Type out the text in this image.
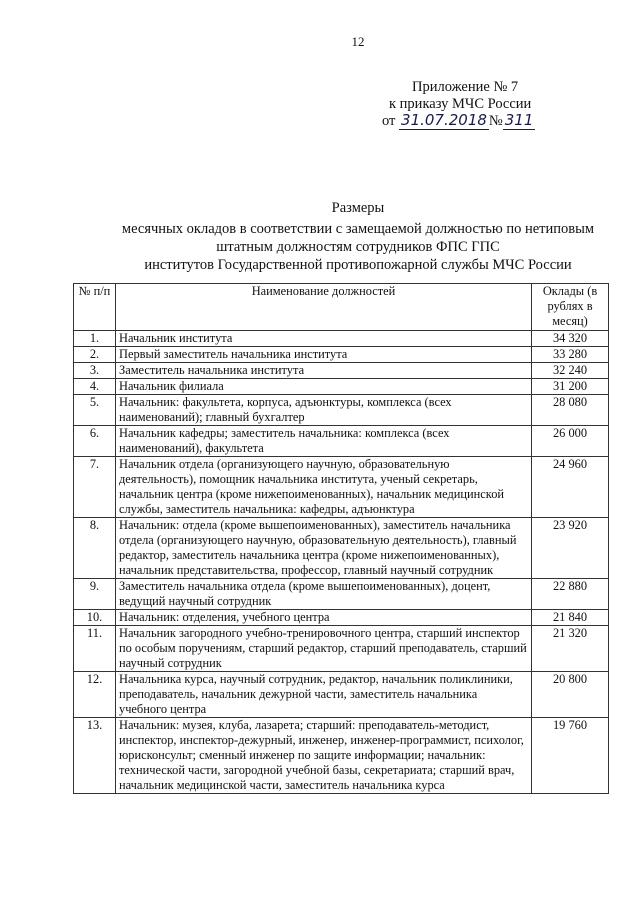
12
Приложение № 7
к приказу МЧС России
от 31.07.2018 № 311
Размеры
месячных окладов в соответствии с замещаемой должностью по нетиповым
штатным должностям сотрудников ФПС ГПС
институтов Государственной противопожарной службы МЧС России
№ п/п	Наименование должностей	Оклады (в рублях в месяц)
1.	Начальник института	34 320
2.	Первый заместитель начальника института	33 280
3.	Заместитель начальника института	32 240
4.	Начальник филиала	31 200
5.	Начальник: факультета, корпуса, адъюнктуры, комплекса (всех наименований); главный бухгалтер	28 080
6.	Начальник кафедры; заместитель начальника: комплекса (всех наименований), факультета	26 000
7.	Начальник отдела (организующего научную, образовательную деятельность), помощник начальника института, ученый секретарь, начальник центра (кроме нижепоименованных), начальник медицинской службы, заместитель начальника: кафедры, адъюнктура	24 960
8.	Начальник: отдела (кроме вышепоименованных), заместитель начальника отдела (организующего научную, образовательную деятельность), главный редактор, заместитель начальника центра (кроме нижепоименованных), начальник представительства, профессор, главный научный сотрудник	23 920
9.	Заместитель начальника отдела (кроме вышепоименованных), доцент, ведущий научный сотрудник	22 880
10.	Начальник: отделения, учебного центра	21 840
11.	Начальник загородного учебно-тренировочного центра, старший инспектор по особым поручениям, старший редактор, старший преподаватель, старший научный сотрудник	21 320
12.	Начальника курса, научный сотрудник, редактор, начальник поликлиники, преподаватель, начальник дежурной части, заместитель начальника учебного центра	20 800
13.	Начальник: музея, клуба, лазарета; старший: преподаватель-методист, инспектор, инспектор-дежурный, инженер, инженер-программист, психолог, юрисконсульт; сменный инженер по защите информации; начальник: технической части, загородной учебной базы, секретариата; старший врач, начальник медицинской части, заместитель начальника курса	19 760
